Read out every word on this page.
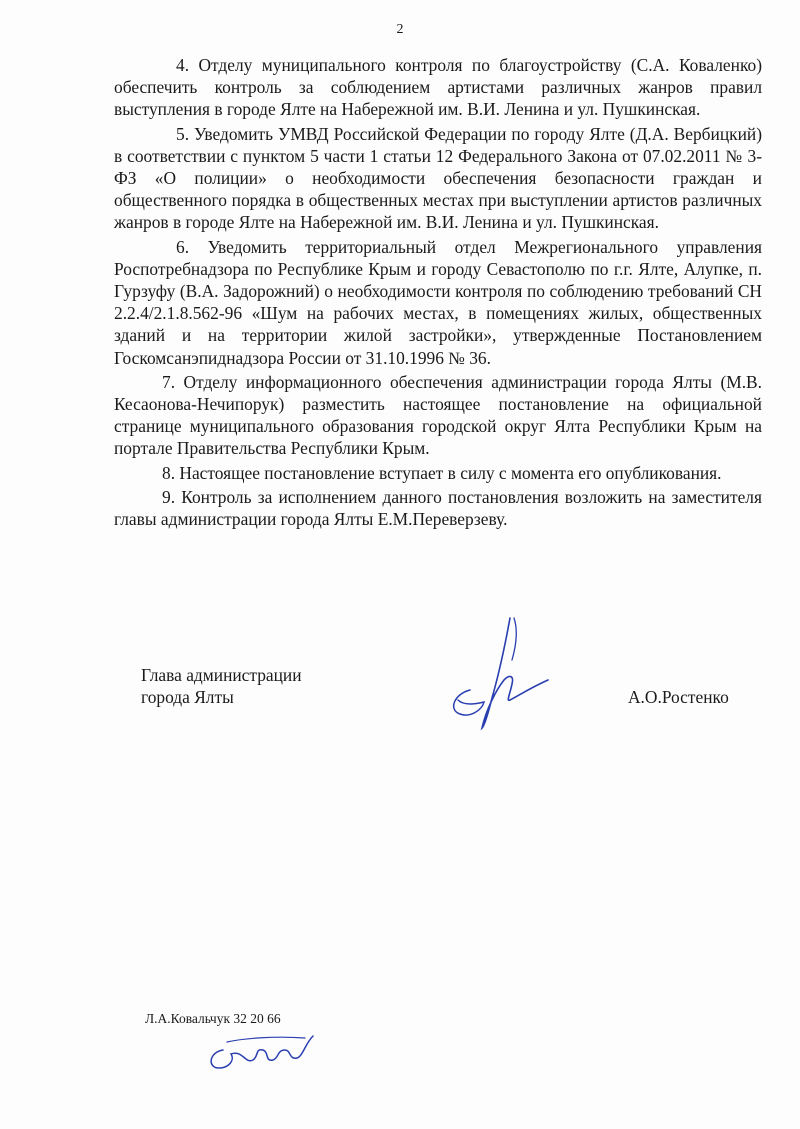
2

4. Отделу муниципального контроля по благоустройству (С.А. Коваленко) обеспечить контроль за соблюдением артистами различных жанров правил выступления в городе Ялте на Набережной им. В.И. Ленина и ул. Пушкинская.

5. Уведомить УМВД Российской Федерации по городу Ялте (Д.А. Вербицкий) в соответствии с пунктом 5 части 1 статьи 12 Федерального Закона от 07.02.2011 № 3-ФЗ «О полиции» о необходимости обеспечения безопасности граждан и общественного порядка в общественных местах при выступлении артистов различных жанров в городе Ялте на Набережной им. В.И. Ленина и ул. Пушкинская.

6. Уведомить территориальный отдел Межрегионального управления Роспотребнадзора по Республике Крым и городу Севастополю по г.г. Ялте, Алупке, п. Гурзуфу (В.А. Задорожний) о необходимости контроля по соблюдению требований СН 2.2.4/2.1.8.562-96 «Шум на рабочих местах, в помещениях жилых, общественных зданий и на территории жилой застройки», утвержденные Постановлением Госкомсанэпиднадзора России от 31.10.1996 № 36.

7. Отделу информационного обеспечения администрации города Ялты (М.В. Кесаонова-Нечипорук) разместить настоящее постановление на официальной странице муниципального образования городской округ Ялта Республики Крым на портале Правительства Республики Крым.

8. Настоящее постановление вступает в силу с момента его опубликования.

9. Контроль за исполнением данного постановления возложить на заместителя главы администрации города Ялты Е.М.Переверзеву.

Глава администрации
города Ялты	А.О.Ростенко
Л.А.Ковальчук 32 20 66
